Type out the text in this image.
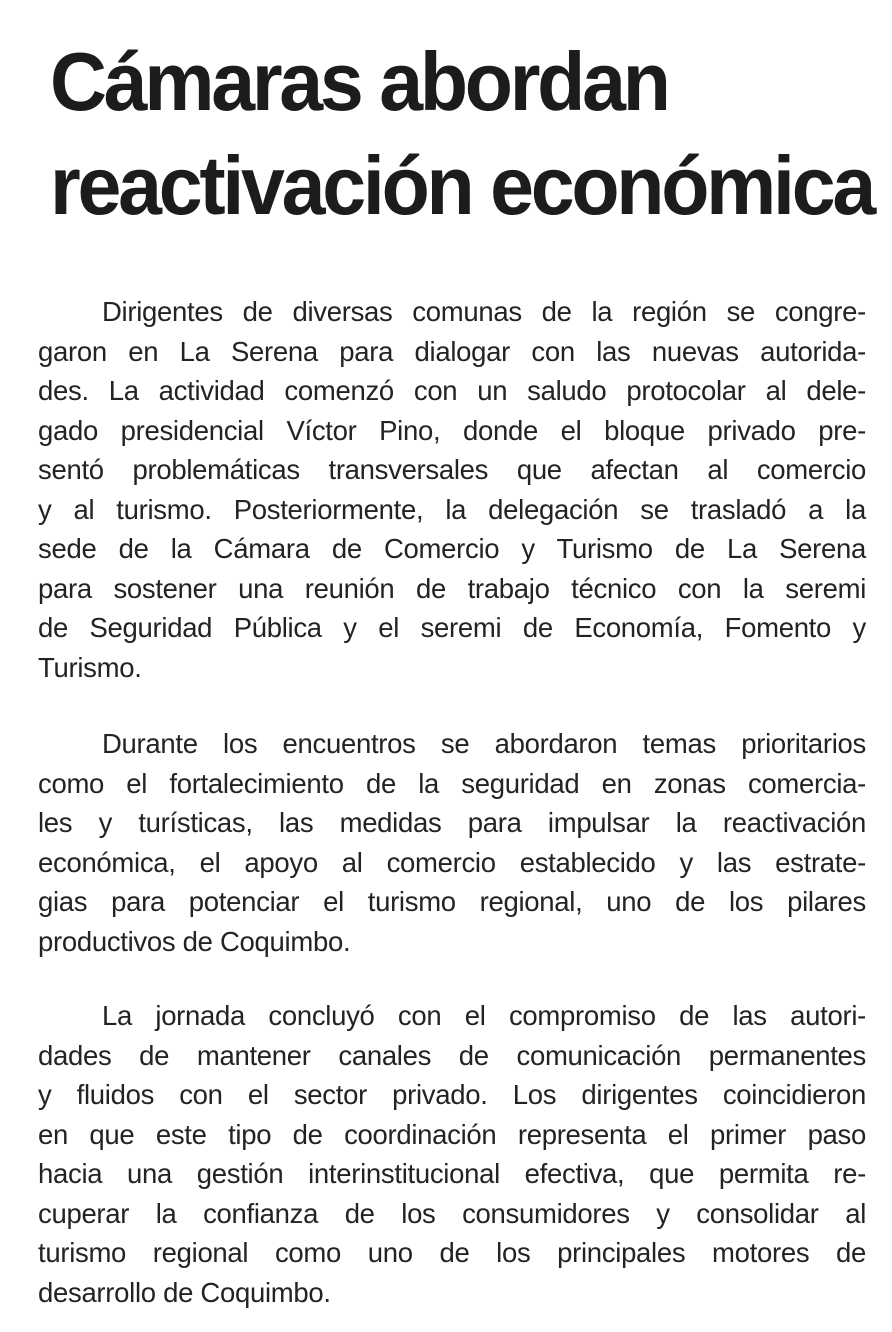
Cámaras abordan
reactivación económica

Dirigentes de diversas comunas de la región se congre-
garon en La Serena para dialogar con las nuevas autorida-
des. La actividad comenzó con un saludo protocolar al dele-
gado presidencial Víctor Pino, donde el bloque privado pre-
sentó problemáticas transversales que afectan al comercio
y al turismo. Posteriormente, la delegación se trasladó a la
sede de la Cámara de Comercio y Turismo de La Serena
para sostener una reunión de trabajo técnico con la seremi
de Seguridad Pública y el seremi de Economía, Fomento y
Turismo.

Durante los encuentros se abordaron temas prioritarios
como el fortalecimiento de la seguridad en zonas comercia-
les y turísticas, las medidas para impulsar la reactivación
económica, el apoyo al comercio establecido y las estrate-
gias para potenciar el turismo regional, uno de los pilares
productivos de Coquimbo.

La jornada concluyó con el compromiso de las autori-
dades de mantener canales de comunicación permanentes
y fluidos con el sector privado. Los dirigentes coincidieron
en que este tipo de coordinación representa el primer paso
hacia una gestión interinstitucional efectiva, que permita re-
cuperar la confianza de los consumidores y consolidar al
turismo regional como uno de los principales motores de
desarrollo de Coquimbo.
